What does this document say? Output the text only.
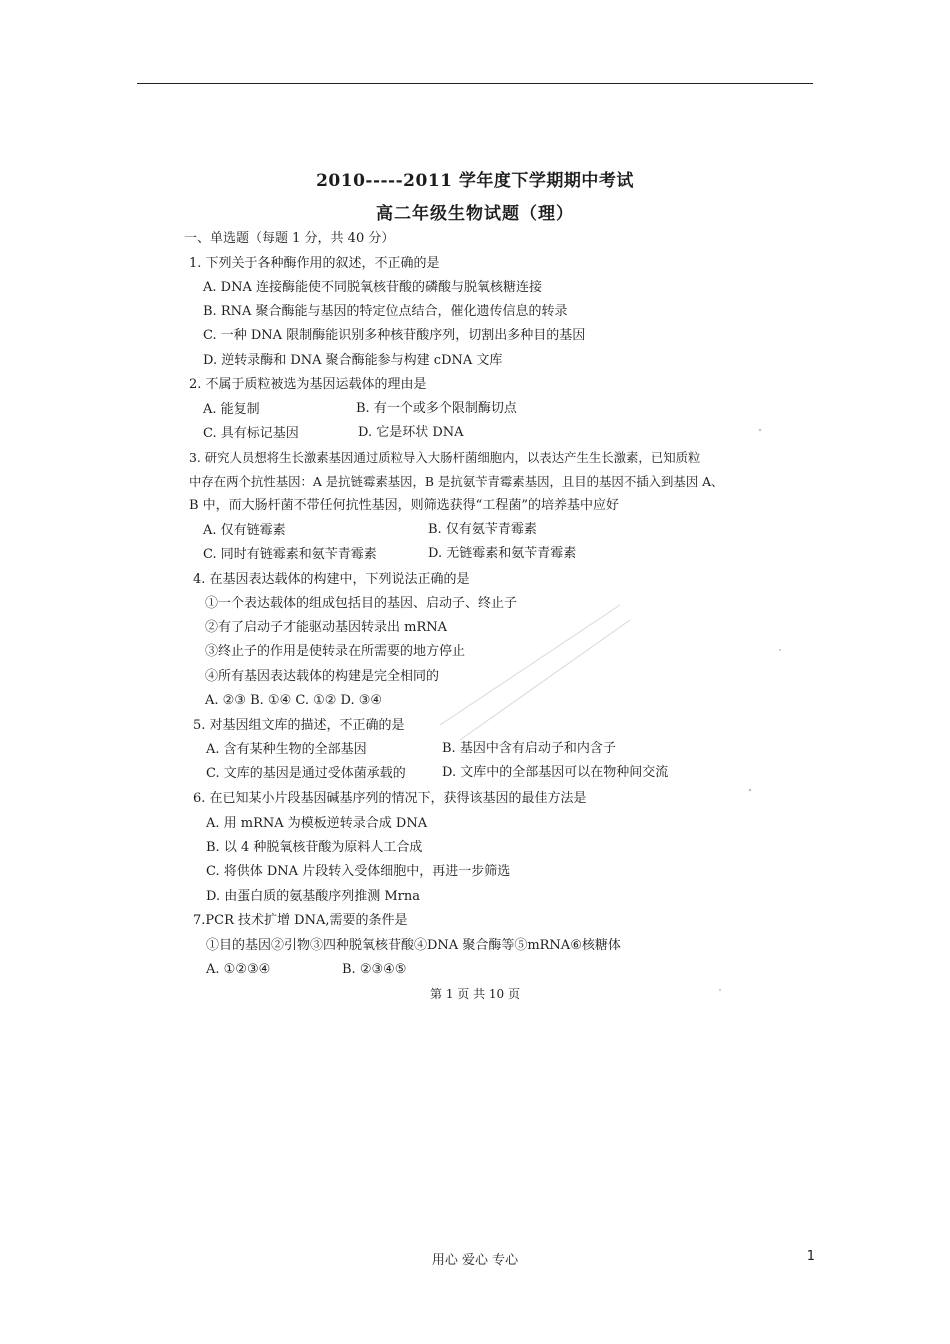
2010-----2011 学年度下学期期中考试
高二年级生物试题（理）
一、单选题（每题 1 分，共 40 分）
1. 下列关于各种酶作用的叙述，不正确的是
A. DNA 连接酶能使不同脱氧核苷酸的磷酸与脱氧核糖连接
B. RNA 聚合酶能与基因的特定位点结合，催化遗传信息的转录
C. 一种 DNA 限制酶能识别多种核苷酸序列，切割出多种目的基因
D. 逆转录酶和 DNA 聚合酶能参与构建 cDNA 文库
2. 不属于质粒被选为基因运载体的理由是
A. 能复制	B. 有一个或多个限制酶切点
C. 具有标记基因	D. 它是环状 DNA
3. 研究人员想将生长激素基因通过质粒导入大肠杆菌细胞内，以表达产生生长激素，已知质粒
中存在两个抗性基因：A 是抗链霉素基因，B 是抗氨苄青霉素基因，且目的基因不插入到基因 A、
B 中，而大肠杆菌不带任何抗性基因，则筛选获得“工程菌”的培养基中应好
A. 仅有链霉素	B. 仅有氨苄青霉素
C. 同时有链霉素和氨苄青霉素	D. 无链霉素和氨苄青霉素
4. 在基因表达载体的构建中，下列说法正确的是
①一个表达载体的组成包括目的基因、启动子、终止子
②有了启动子才能驱动基因转录出 mRNA
③终止子的作用是使转录在所需要的地方停止
④所有基因表达载体的构建是完全相同的
A. ②③ B. ①④ C. ①② D. ③④
5. 对基因组文库的描述，不正确的是
A. 含有某种生物的全部基因	B. 基因中含有启动子和内含子
C. 文库的基因是通过受体菌承载的	D. 文库中的全部基因可以在物种间交流
6. 在已知某小片段基因碱基序列的情况下，获得该基因的最佳方法是
A. 用 mRNA 为模板逆转录合成 DNA
B. 以 4 种脱氧核苷酸为原料人工合成
C. 将供体 DNA 片段转入受体细胞中，再进一步筛选
D. 由蛋白质的氨基酸序列推测 Mrna
7.PCR 技术扩增 DNA,需要的条件是
①目的基因②引物③四种脱氧核苷酸④DNA 聚合酶等⑤mRNA⑥核糖体
A. ①②③④	B. ②③④⑤
第 1 页 共 10 页
用心 爱心 专心	1
